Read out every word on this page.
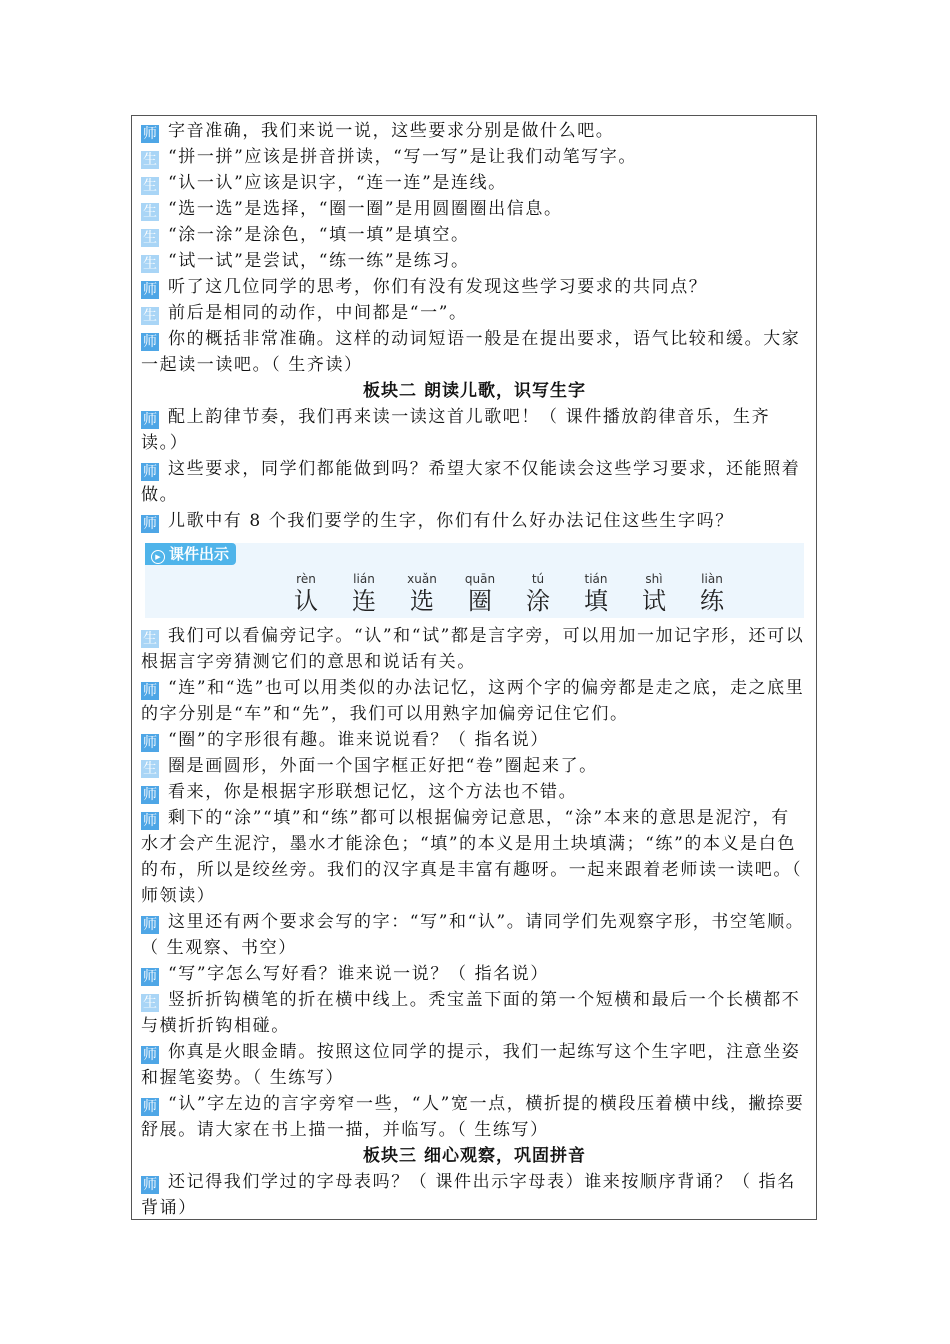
师 字音准确，我们来说一说，这些要求分别是做什么吧。

生 “拼一拼”应该是拼音拼读，“写一写”是让我们动笔写字。

生 “认一认”应该是识字，“连一连”是连线。

生 “选一选”是选择，“圈一圈”是用圆圈圈出信息。

生 “涂一涂”是涂色，“填一填”是填空。

生 “试一试”是尝试，“练一练”是练习。

师 听了这几位同学的思考，你们有没有发现这些学习要求的共同点？

生 前后是相同的动作，中间都是“一”。

师 你的概括非常准确。这样的动词短语一般是在提出要求，语气比较和缓。大家一起读一读吧。（ 生齐读）

板块二 朗读儿歌，识写生字

师 配上韵律节奏，我们再来读一读这首儿歌吧！（ 课件播放韵律音乐，生齐读。）

师 这些要求，同学们都能做到吗？希望大家不仅能读会这些学习要求，还能照着做。

师 儿歌中有 8 个我们要学的生字，你们有什么好办法记住这些生字吗？

▶ 课件出示
rèn
认
lián
连
xuǎn
选
quān
圈
tú
涂
tián
填
shì
试
liàn
练

生 我们可以看偏旁记字。“认”和“试”都是言字旁，可以用加一加记字形，还可以根据言字旁猜测它们的意思和说话有关。

师 “连”和“选”也可以用类似的办法记忆，这两个字的偏旁都是走之底，走之底里的字分别是“车”和“先”，我们可以用熟字加偏旁记住它们。

师 “圈”的字形很有趣。谁来说说看？（ 指名说）

生 圈是画圆形，外面一个国字框正好把“卷”圈起来了。

师 看来，你是根据字形联想记忆，这个方法也不错。

师 剩下的“涂”“填”和“练”都可以根据偏旁记意思，“涂”本来的意思是泥泞，有水才会产生泥泞，墨水才能涂色；“填”的本义是用土块填满；“练”的本义是白色的布，所以是绞丝旁。我们的汉字真是丰富有趣呀。一起来跟着老师读一读吧。（ 师领读）

师 这里还有两个要求会写的字：“写”和“认”。请同学们先观察字形，书空笔顺。（ 生观察、书空）

师 “写”字怎么写好看？谁来说一说？（ 指名说）

生 竖折折钩横笔的折在横中线上。秃宝盖下面的第一个短横和最后一个长横都不与横折折钩相碰。

师 你真是火眼金睛。按照这位同学的提示，我们一起练写这个生字吧，注意坐姿和握笔姿势。（ 生练写）

师 “认”字左边的言字旁窄一些，“人”宽一点，横折提的横段压着横中线，撇捺要舒展。请大家在书上描一描，并临写。（ 生练写）

板块三 细心观察，巩固拼音

师 还记得我们学过的字母表吗？（ 课件出示字母表）谁来按顺序背诵？（ 指名背诵）
